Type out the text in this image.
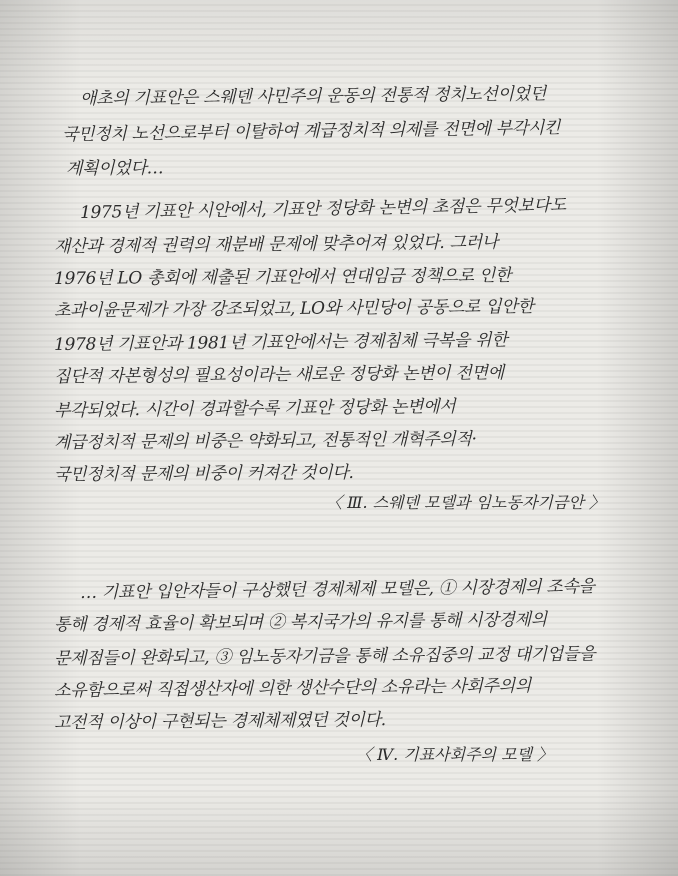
애초의 기표안은 스웨덴 사민주의 운동의 전통적 정치노선이었던
국민정치 노선으로부터 이탈하여 계급정치적 의제를 전면에 부각시킨
계획이었다…
1975년 기표안 시안에서, 기표안 정당화 논변의 초점은 무엇보다도
재산과 경제적 권력의 재분배 문제에 맞추어져 있었다. 그러나
1976년 LO 총회에 제출된 기표안에서 연대임금 정책으로 인한
초과이윤문제가 가장 강조되었고, LO와 사민당이 공동으로 입안한
1978년 기표안과 1981년 기표안에서는 경제침체 극복을 위한
집단적 자본형성의 필요성이라는 새로운 정당화 논변이 전면에
부각되었다. 시간이 경과할수록 기표안 정당화 논변에서
계급정치적 문제의 비중은 약화되고, 전통적인 개혁주의적·
국민정치적 문제의 비중이 커져간 것이다.
〈 Ⅲ. 스웨덴 모델과 임노동자기금안 〉
… 기표안 입안자들이 구상했던 경제체제 모델은, ① 시장경제의 조속을
통해 경제적 효율이 확보되며 ② 복지국가의 유지를 통해 시장경제의
문제점들이 완화되고, ③ 임노동자기금을 통해 소유집중의 교정 대기업들을
소유함으로써 직접생산자에 의한 생산수단의 소유라는 사회주의의
고전적 이상이 구현되는 경제체제였던 것이다.
〈 Ⅳ. 기표사회주의 모델 〉
